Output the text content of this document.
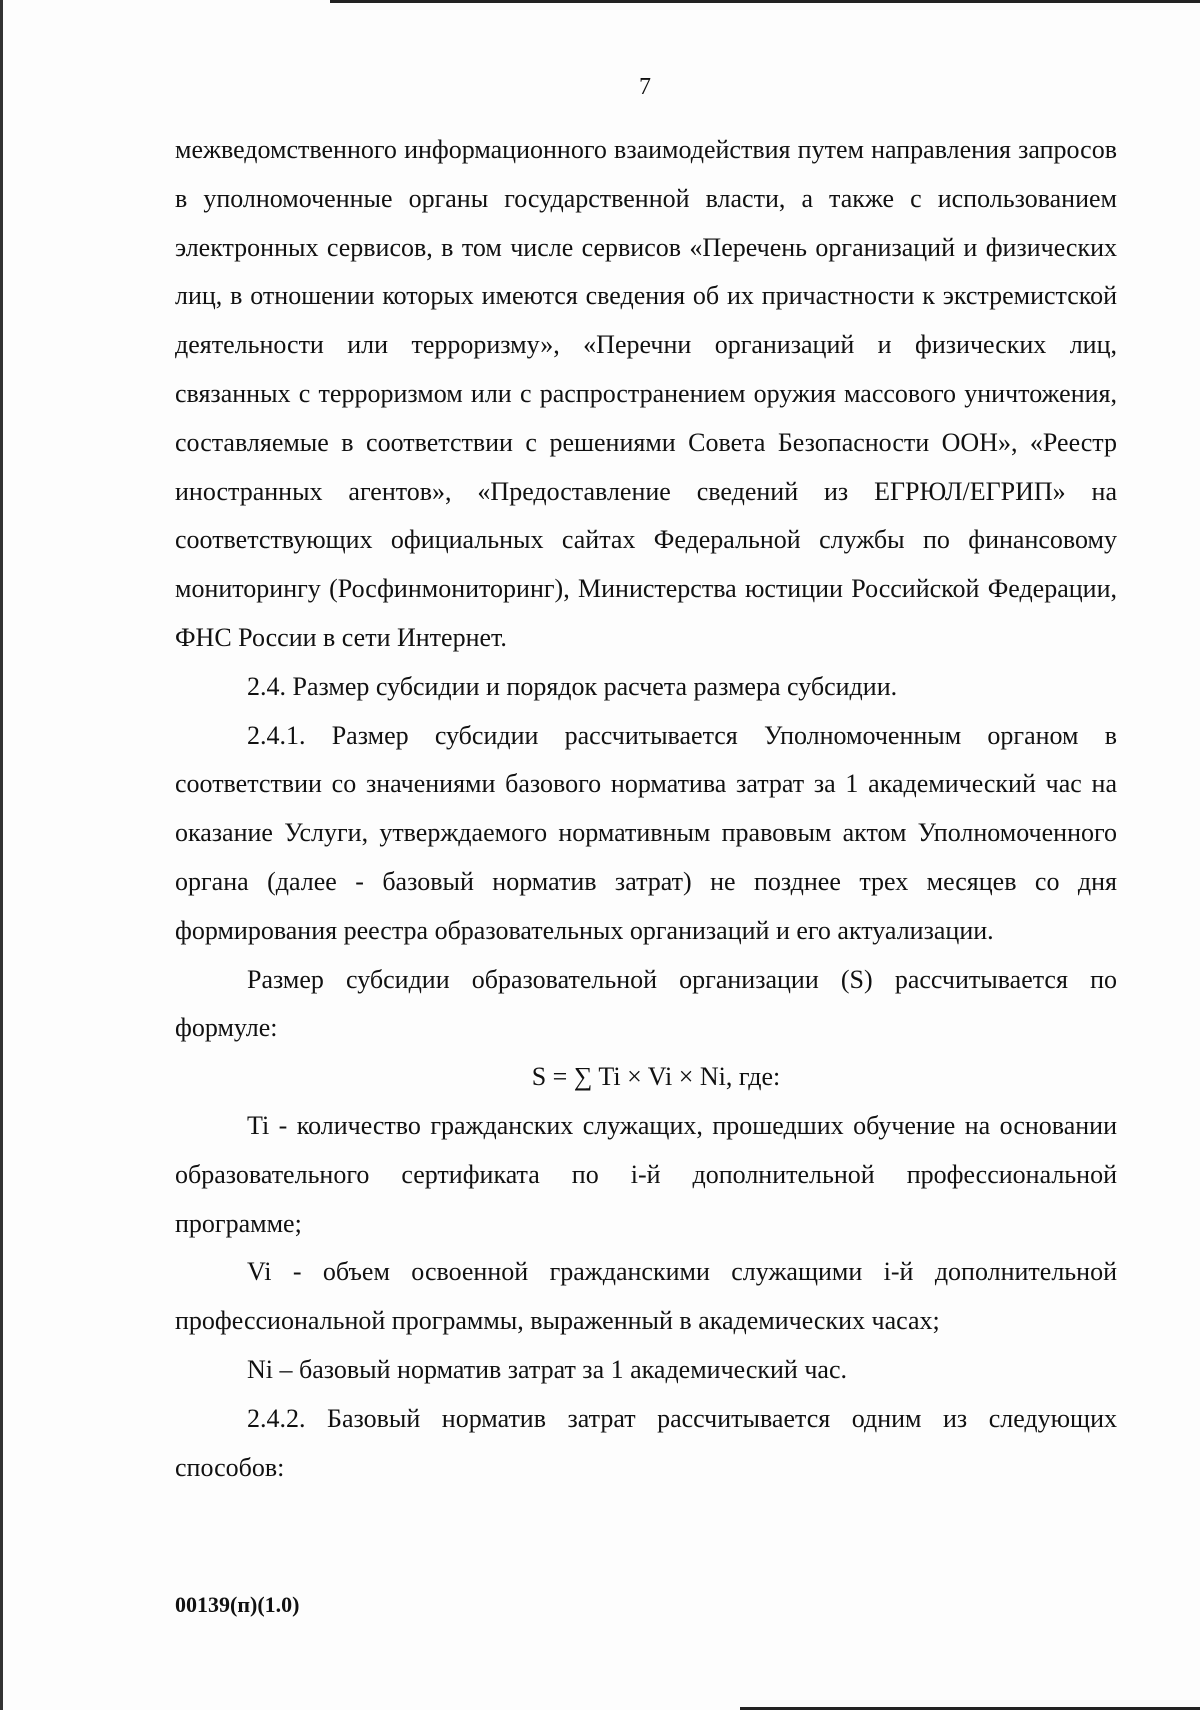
7

межведомственного информационного взаимодействия путем направления запросов в уполномоченные органы государственной власти, а также с использованием электронных сервисов, в том числе сервисов «Перечень организаций и физических лиц, в отношении которых имеются сведения об их причастности к экстремистской деятельности или терроризму», «Перечни организаций и физических лиц, связанных с терроризмом или с распространением оружия массового уничтожения, составляемые в соответствии с решениями Совета Безопасности ООН», «Реестр иностранных агентов», «Предоставление сведений из ЕГРЮЛ/ЕГРИП» на соответствующих официальных сайтах Федеральной службы по финансовому мониторингу (Росфинмониторинг), Министерства юстиции Российской Федерации, ФНС России в сети Интернет.

2.4. Размер субсидии и порядок расчета размера субсидии.

2.4.1. Размер субсидии рассчитывается Уполномоченным органом в соответствии со значениями базового норматива затрат за 1 академический час на оказание Услуги, утверждаемого нормативным правовым актом Уполномоченного органа (далее - базовый норматив затрат) не позднее трех месяцев со дня формирования реестра образовательных организаций и его актуализации.

Размер субсидии образовательной организации (S) рассчитывается по формуле:

S = ∑ Ti × Vi × Ni, где:

Ti - количество гражданских служащих, прошедших обучение на основании образовательного сертификата по i-й дополнительной профессиональной программе;

Vi - объем освоенной гражданскими служащими i-й дополнительной профессиональной программы, выраженный в академических часах;

Ni – базовый норматив затрат за 1 академический час.

2.4.2. Базовый норматив затрат рассчитывается одним из следующих способов:

00139(п)(1.0)
